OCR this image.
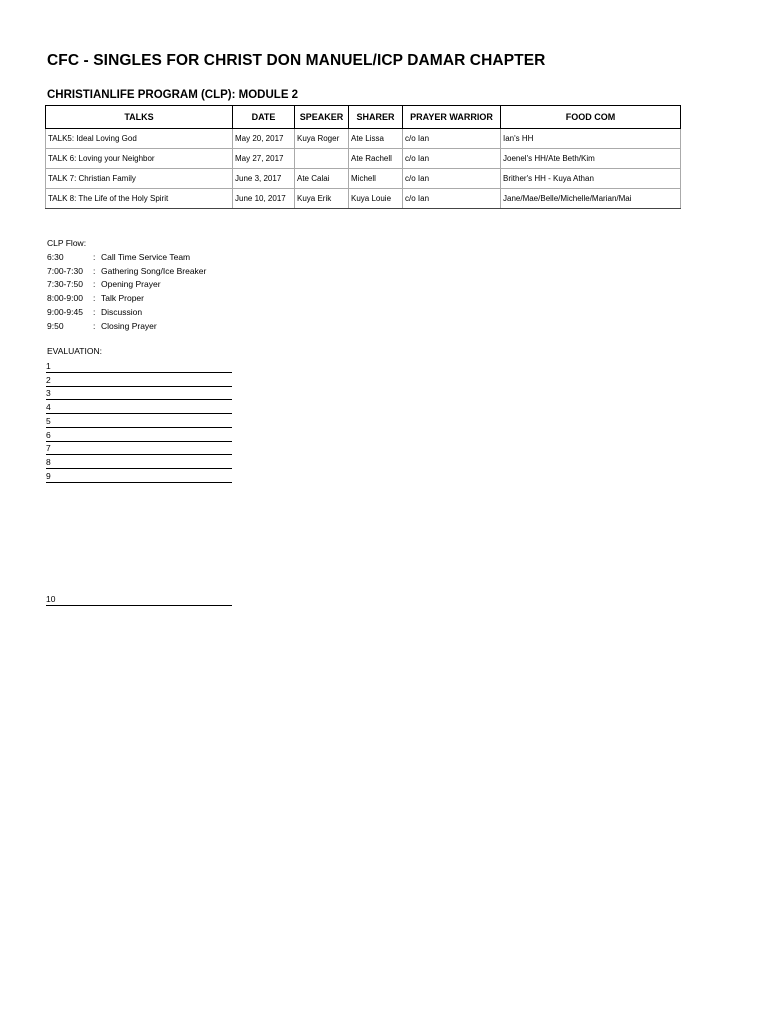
CFC - SINGLES FOR CHRIST DON MANUEL/ICP DAMAR CHAPTER
CHRISTIANLIFE PROGRAM (CLP): MODULE 2
TALKS	DATE	SPEAKER	SHARER	PRAYER WARRIOR	FOOD COM
TALK5: Ideal Loving God	May 20, 2017	Kuya Roger	Ate Lissa	c/o Ian	Ian's HH
TALK 6: Loving your Neighbor	May 27, 2017		Ate Rachell	c/o Ian	Joenel's HH/Ate Beth/Kim
TALK 7: Christian Family	June 3, 2017	Ate Calai	Michell	c/o Ian	Brither's HH - Kuya Athan
TALK 8: The Life of the Holy Spirit	June 10, 2017	Kuya Erik	Kuya Louie	c/o Ian	Jane/Mae/Belle/Michelle/Marian/Mai
CLP Flow:
6:30	: Call Time Service Team
7:00-7:30 : Gathering Song/Ice Breaker
7:30-7:50 : Opening Prayer
8:00-9:00 : Talk Proper
9:00-9:45 : Discussion
9:50	: Closing Prayer
EVALUATION:
1
2
3
4
5
6
7
8
9
10
